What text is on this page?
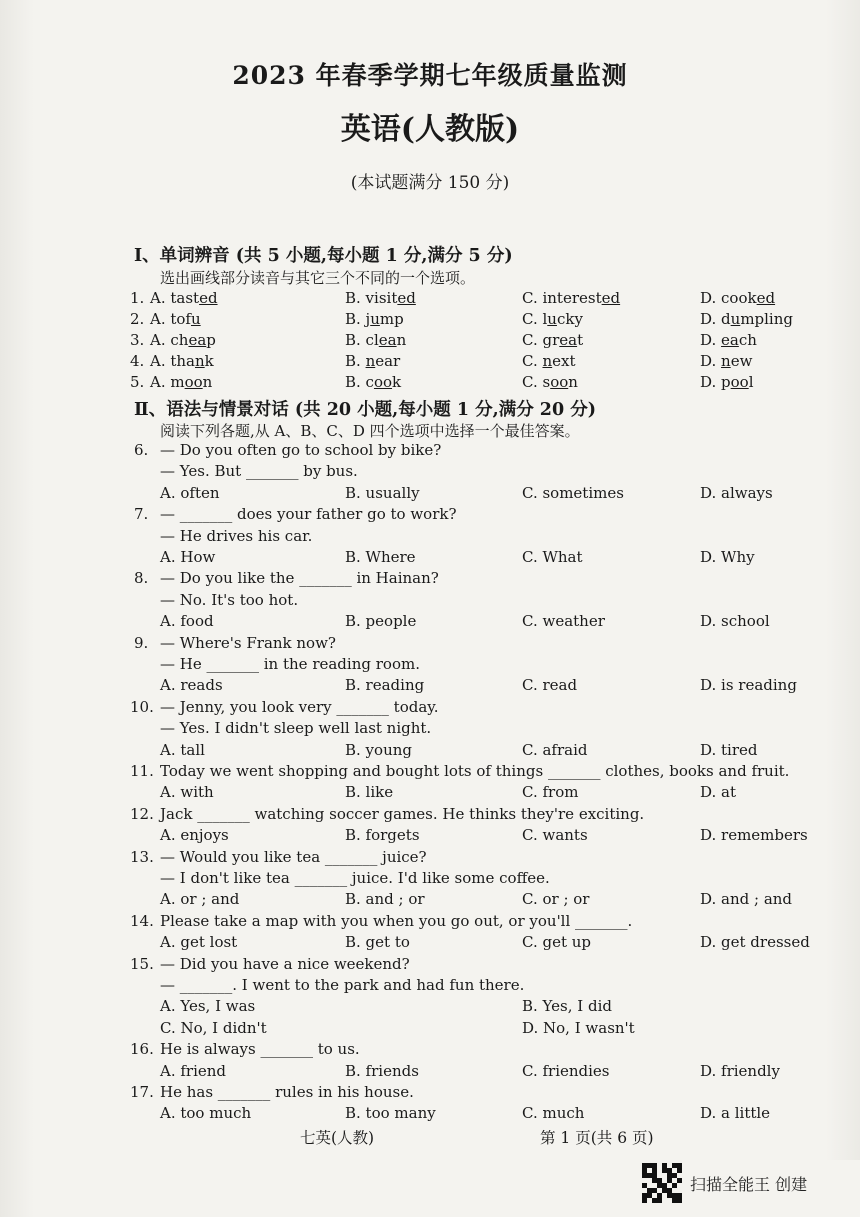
2023 年春季学期七年级质量监测
英语(人教版)
(本试题满分 150 分)
Ⅰ、单词辨音 (共 5 小题,每小题 1 分,满分 5 分)
选出画线部分读音与其它三个不同的一个选项。
1. A. tasted	B. visited	C. interested	D. cooked
2. A. tofu	B. jump	C. lucky	D. dumpling
3. A. cheap	B. clean	C. great	D. each
4. A. thank	B. near	C. next	D. new
5. A. moon	B. cook	C. soon	D. pool
Ⅱ、语法与情景对话 (共 20 小题,每小题 1 分,满分 20 分)
阅读下列各题,从 A、B、C、D 四个选项中选择一个最佳答案。
6. — Do you often go to school by bike?
— Yes. But _______ by bus.
A. often	B. usually	C. sometimes	D. always
7. — _______ does your father go to work?
— He drives his car.
A. How	B. Where	C. What	D. Why
8. — Do you like the _______ in Hainan?
— No. It's too hot.
A. food	B. people	C. weather	D. school
9. — Where's Frank now?
— He _______ in the reading room.
A. reads	B. reading	C. read	D. is reading
10. — Jenny, you look very _______ today.
— Yes. I didn't sleep well last night.
A. tall	B. young	C. afraid	D. tired
11. Today we went shopping and bought lots of things _______ clothes, books and fruit.
A. with	B. like	C. from	D. at
12. Jack _______ watching soccer games. He thinks they're exciting.
A. enjoys	B. forgets	C. wants	D. remembers
13. — Would you like tea _______ juice?
— I don't like tea _______ juice. I'd like some coffee.
A. or ; and	B. and ; or	C. or ; or	D. and ; and
14. Please take a map with you when you go out, or you'll _______.
A. get lost	B. get to	C. get up	D. get dressed
15. — Did you have a nice weekend?
— _______. I went to the park and had fun there.
A. Yes, I was	B. Yes, I did
C. No, I didn't	D. No, I wasn't
16. He is always _______ to us.
A. friend	B. friends	C. friendies	D. friendly
17. He has _______ rules in his house.
A. too much	B. too many	C. much	D. a little
七英(人教)	第 1 页(共 6 页)
扫描全能王 创建
